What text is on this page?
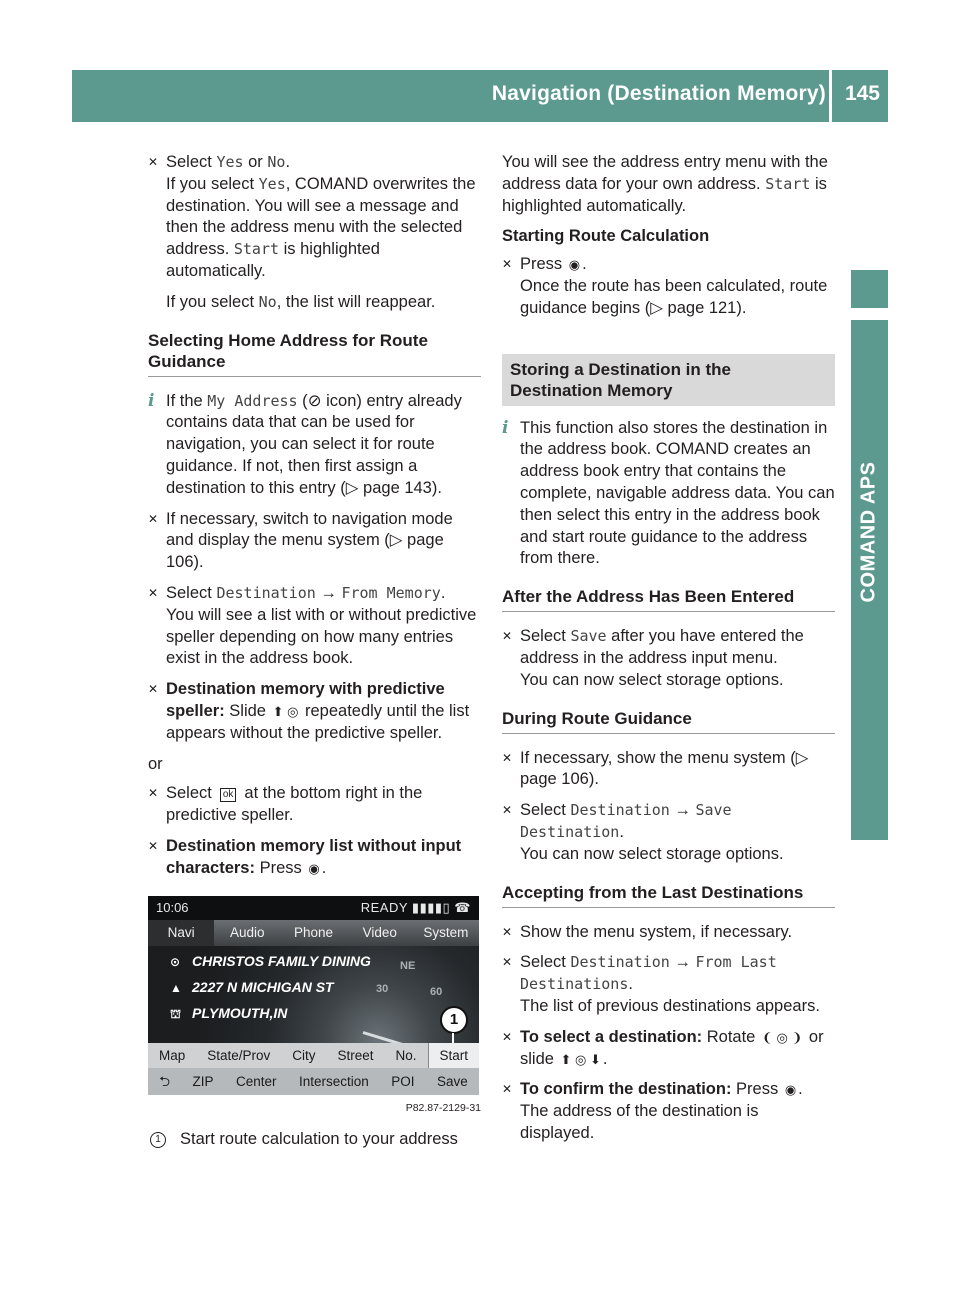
Navigation (Destination Memory) 145
COMAND APS
✕ Select Yes or No.
If you select Yes, COMAND overwrites the destination. You will see a message and then the address menu with the selected address. Start is highlighted automatically.
If you select No, the list will reappear.
Selecting Home Address for Route Guidance
i If the My Address (⊘ icon) entry already contains data that can be used for navigation, you can select it for route guidance. If not, then first assign a destination to this entry (▷ page 143).
✕ If necessary, switch to navigation mode and display the menu system (▷ page 106).
✕ Select Destination → From Memory.
You will see a list with or without predictive speller depending on how many entries exist in the address book.
✕ Destination memory with predictive speller: Slide ⬆ ◎ repeatedly until the list appears without the predictive speller.
or
✕ Select ok at the bottom right in the predictive speller.
✕ Destination memory list without input characters: Press ◉ .
10:06	READY ▮▮▮▮▯ ☎
Navi	Audio	Phone	Video	System
NE
30	60
⊙ CHRISTOS FAMILY DINING
▲ 2227 N MICHIGAN ST
⛫ PLYMOUTH,IN	1
Map	State/Prov	City	Street	No.	Start
⮌	ZIP	Center	Intersection	POI	Save
P82.87-2129-31
1	Start route calculation to your address
You will see the address entry menu with the address data for your own address. Start is highlighted automatically.
Starting Route Calculation
✕ Press ◉ .
Once the route has been calculated, route guidance begins (▷ page 121).
Storing a Destination in the Destination Memory
i This function also stores the destination in the address book. COMAND creates an address book entry that contains the complete, navigable address data. You can then select this entry in the address book and start route guidance to the address from there.
After the Address Has Been Entered
✕ Select Save after you have entered the address in the address input menu.
You can now select storage options.
During Route Guidance
✕ If necessary, show the menu system (▷ page 106).
✕ Select Destination → Save Destination.
You can now select storage options.
Accepting from the Last Destinations
✕ Show the menu system, if necessary.
✕ Select Destination → From Last Destinations.
The list of previous destinations appears.
✕ To select a destination: Rotate ❨ ◎ ❩ or slide ⬆ ◎ ⬇ .
✕ To confirm the destination: Press ◉ .
The address of the destination is displayed.
